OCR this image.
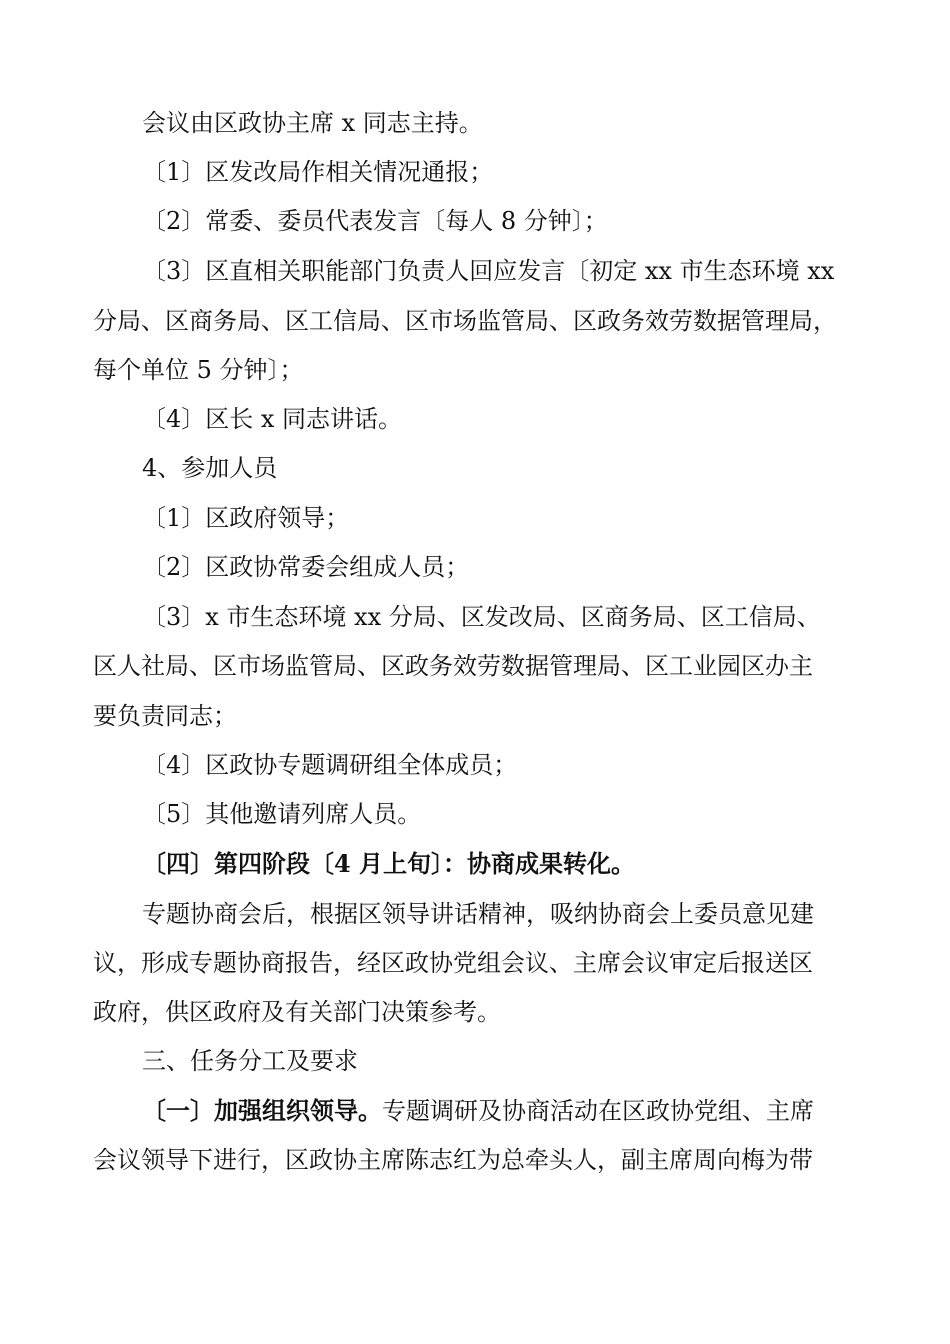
会议由区政协主席 x 同志主持。
〔1〕区发改局作相关情况通报；
〔2〕常委、委员代表发言〔每人 8 分钟〕；
〔3〕区直相关职能部门负责人回应发言〔初定 xx 市生态环境 xx
分局、区商务局、区工信局、区市场监管局、区政务效劳数据管理局，
每个单位 5 分钟〕；
〔4〕区长 x 同志讲话。
4、参加人员
〔1〕区政府领导；
〔2〕区政协常委会组成人员；
〔3〕x 市生态环境 xx 分局、区发改局、区商务局、区工信局、
区人社局、区市场监管局、区政务效劳数据管理局、区工业园区办主
要负责同志；
〔4〕区政协专题调研组全体成员；
〔5〕其他邀请列席人员。
〔四〕第四阶段〔4 月上旬〕：协商成果转化。
专题协商会后，根据区领导讲话精神，吸纳协商会上委员意见建
议，形成专题协商报告，经区政协党组会议、主席会议审定后报送区
政府，供区政府及有关部门决策参考。
三、任务分工及要求
〔一〕加强组织领导。专题调研及协商活动在区政协党组、主席
会议领导下进行，区政协主席陈志红为总牵头人，副主席周向梅为带
